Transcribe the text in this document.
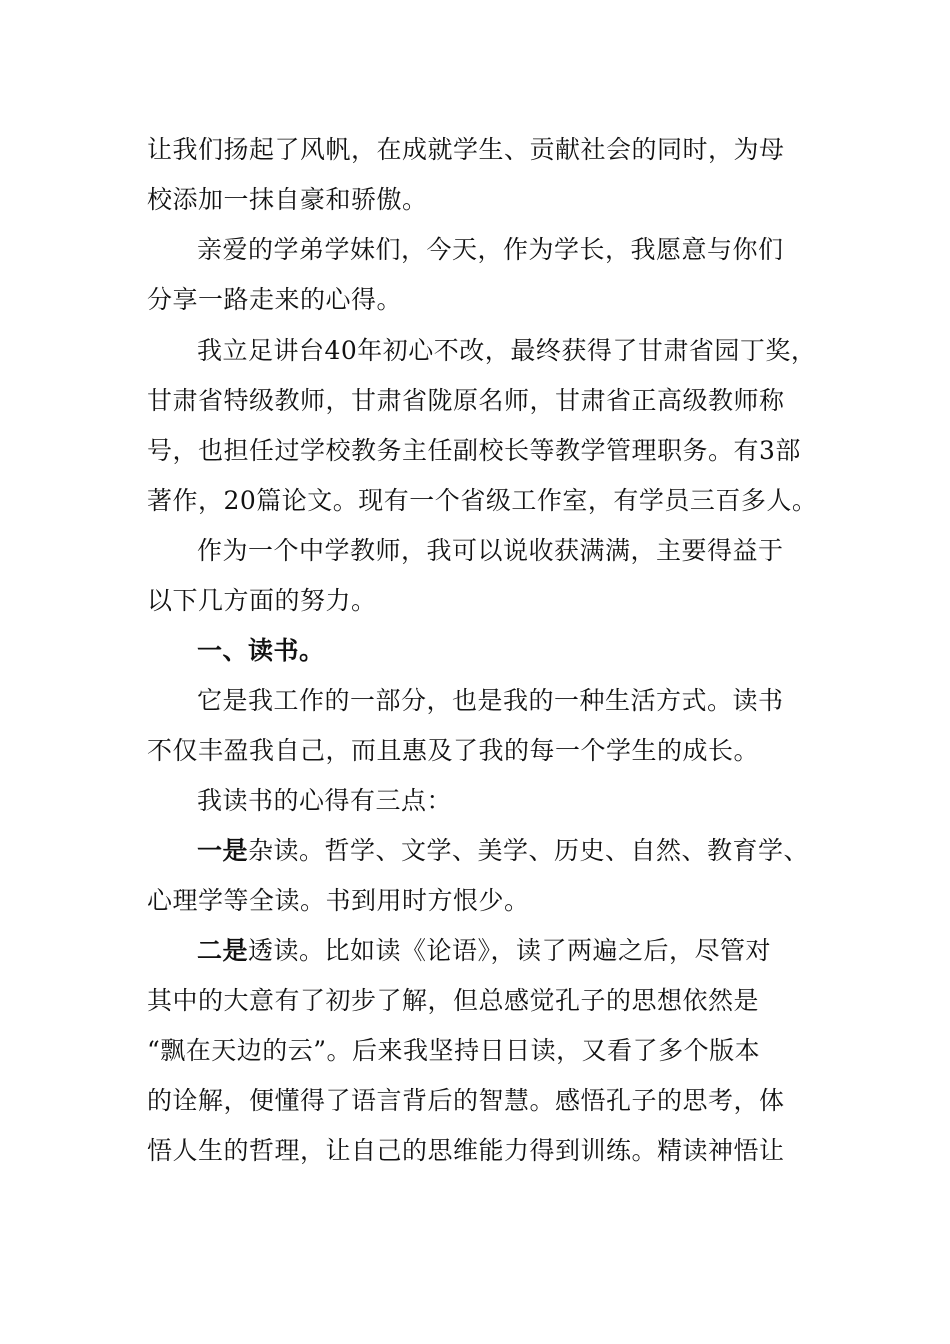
让我们扬起了风帆，在成就学生、贡献社会的同时，为母
校添加一抹自豪和骄傲。
亲爱的学弟学妹们，今天，作为学长，我愿意与你们
分享一路走来的心得。
我立足讲台40年初心不改，最终获得了甘肃省园丁奖，
甘肃省特级教师，甘肃省陇原名师，甘肃省正高级教师称
号，也担任过学校教务主任副校长等教学管理职务。有3部
著作，20篇论文。现有一个省级工作室，有学员三百多人。
作为一个中学教师，我可以说收获满满，主要得益于
以下几方面的努力。
一、读书。
它是我工作的一部分，也是我的一种生活方式。读书
不仅丰盈我自己，而且惠及了我的每一个学生的成长。
我读书的心得有三点：
一是杂读。哲学、文学、美学、历史、自然、教育学、
心理学等全读。书到用时方恨少。
二是透读。比如读《论语》，读了两遍之后，尽管对
其中的大意有了初步了解，但总感觉孔子的思想依然是
“飘在天边的云”。后来我坚持日日读，又看了多个版本
的诠解，便懂得了语言背后的智慧。感悟孔子的思考，体
悟人生的哲理，让自己的思维能力得到训练。精读神悟让
